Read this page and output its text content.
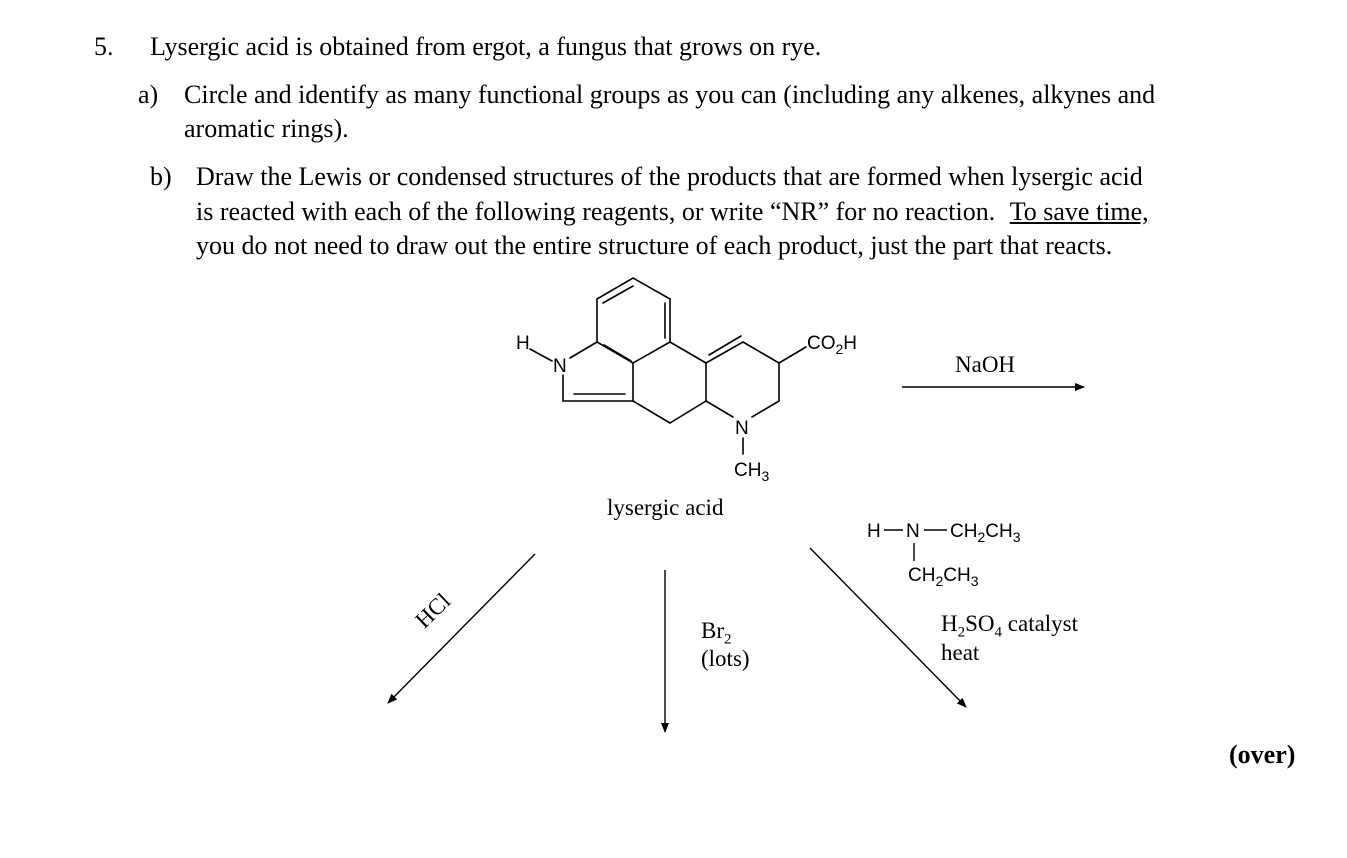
5. Lysergic acid is obtained from ergot, a fungus that grows on rye.
a) Circle and identify as many functional groups as you can (including any alkenes, alkynes and
aromatic rings).
b) Draw the Lewis or condensed structures of the products that are formed when lysergic acid
is reacted with each of the following reagents, or write “NR” for no reaction. To save time,
you do not need to draw out the entire structure of each product, just the part that reacts.
H
N
N
$CH_3$
$CO_2H$
H N $CH_2CH_3$
$CH_2CH_3$
HCl
lysergic acid
NaOH
$Br_2$
(lots)
$H_2SO_4$ catalyst
heat
(over)
